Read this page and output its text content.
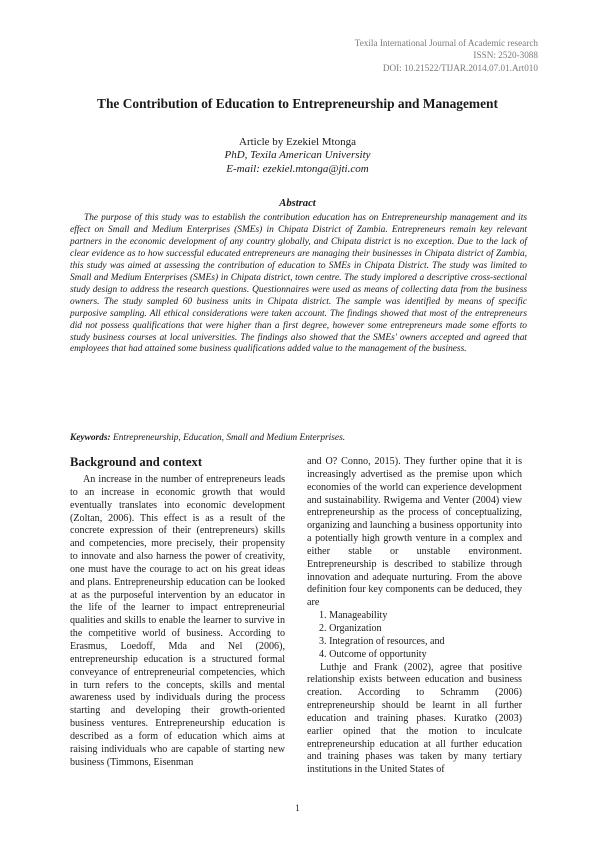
Texila International Journal of Academic research
ISSN: 2520-3088
DOI: 10.21522/TIJAR.2014.07.01.Art010
The Contribution of Education to Entrepreneurship and Management
Article by Ezekiel Mtonga
PhD, Texila American University
E-mail: ezekiel.mtonga@jti.com
Abstract

The purpose of this study was to establish the contribution education has on Entrepreneurship management and its effect on Small and Medium Enterprises (SMEs) in Chipata District of Zambia. Entrepreneurs remain key relevant partners in the economic development of any country globally, and Chipata district is no exception. Due to the lack of clear evidence as to how successful educated entrepreneurs are managing their businesses in Chipata district of Zambia, this study was aimed at assessing the contribution of education to SMEs in Chipata District. The study was limited to Small and Medium Enterprises (SMEs) in Chipata district, town centre. The study implored a descriptive cross-sectional study design to address the research questions. Questionnaires were used as means of collecting data from the business owners. The study sampled 60 business units in Chipata district. The sample was identified by means of specific purposive sampling. All ethical considerations were taken account. The findings showed that most of the entrepreneurs did not possess qualifications that were higher than a first degree, however some entrepreneurs made some efforts to study business courses at local universities. The findings also showed that the SMEs' owners accepted and agreed that employees that had attained some business qualifications added value to the management of the business.

Keywords: Entrepreneurship, Education, Small and Medium Enterprises.
Background and context

An increase in the number of entrepreneurs leads to an increase in economic growth that would eventually translates into economic development (Zoltan, 2006). This effect is as a result of the concrete expression of their (entrepreneurs) skills and competencies, more precisely, their propensity to innovate and also harness the power of creativity, one must have the courage to act on his great ideas and plans. Entrepreneurship education can be looked at as the purposeful intervention by an educator in the life of the learner to impact entrepreneurial qualities and skills to enable the learner to survive in the competitive world of business. According to Erasmus, Loedoff, Mda and Nel (2006), entrepreneurship education is a structured formal conveyance of entrepreneurial competencies, which in turn refers to the concepts, skills and mental awareness used by individuals during the process starting and developing their growth-oriented business ventures. Entrepreneurship education is described as a form of education which aims at raising individuals who are capable of starting new business (Timmons, Eisenman

and O? Conno, 2015). They further opine that it is increasingly advertised as the premise upon which economies of the world can experience development and sustainability. Rwigema and Venter (2004) view entrepreneurship as the process of conceptualizing, organizing and launching a business opportunity into a potentially high growth venture in a complex and either stable or unstable environment. Entrepreneurship is described to stabilize through innovation and adequate nurturing. From the above definition four key components can be deduced, they are

1. Manageability
2. Organization
3. Integration of resources, and
4. Outcome of opportunity

Luthje and Frank (2002), agree that positive relationship exists between education and business creation. According to Schramm (2006) entrepreneurship should be learnt in all further education and training phases. Kuratko (2003) earlier opined that the motion to inculcate entrepreneurship education at all further education and training phases was taken by many tertiary institutions in the United States of

1
